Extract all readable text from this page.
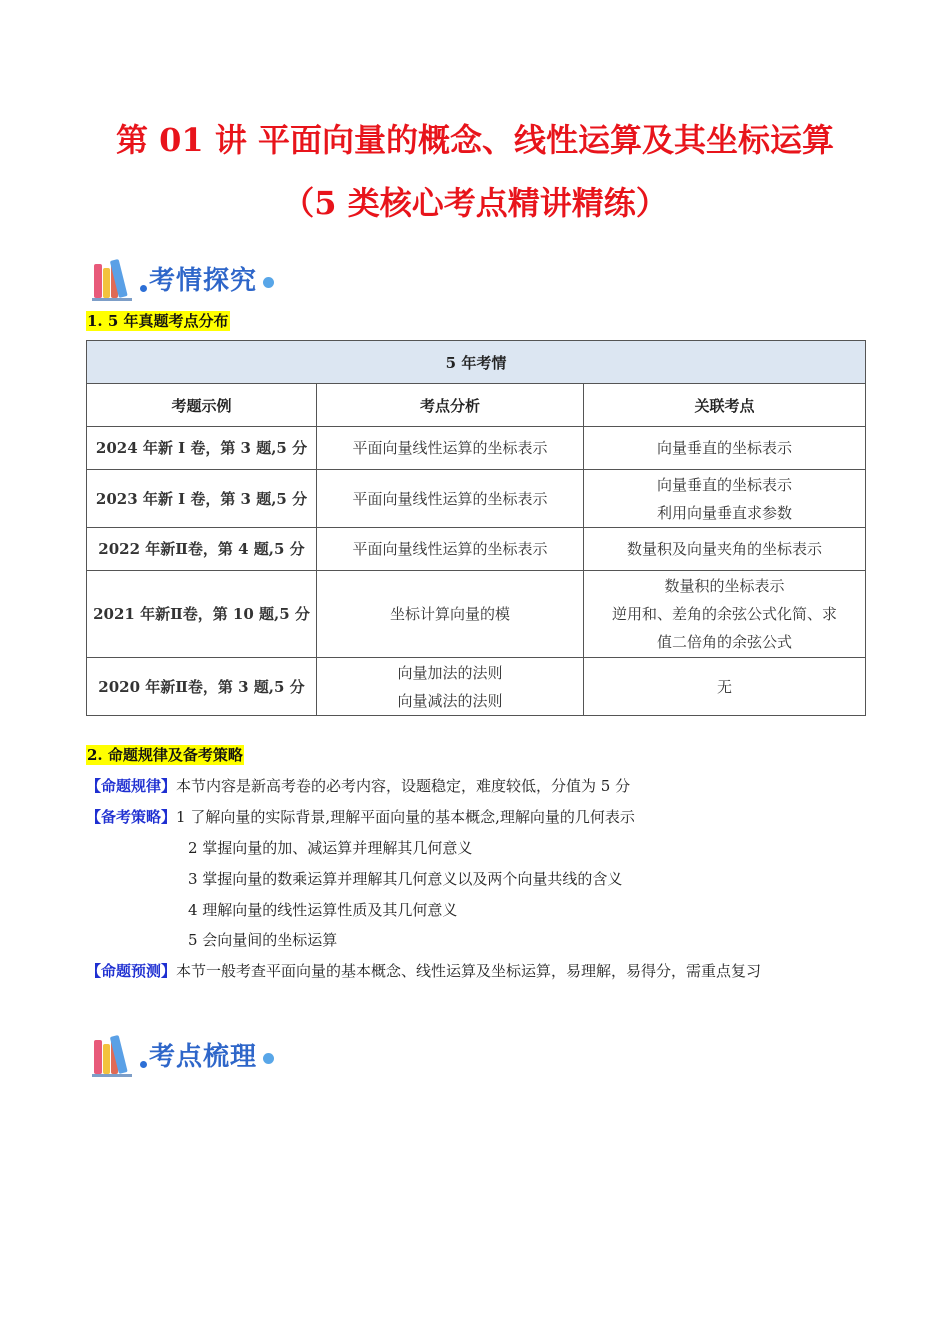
第 01 讲 平面向量的概念、线性运算及其坐标运算
（5 类核心考点精讲精练）
考情探究
1. 5 年真题考点分布
5 年考情		
考题示例	考点分析	关联考点
2024 年新 I 卷，第 3 题,5 分	平面向量线性运算的坐标表示	向量垂直的坐标表示

2023 年新 I 卷，第 3 题,5 分	平面向量线性运算的坐标表示	向量垂直的坐标表示
利用向量垂直求参数

2022 年新Ⅱ卷，第 4 题,5 分	平面向量线性运算的坐标表示	数量积及向量夹角的坐标表示

2021 年新Ⅱ卷，第 10 题,5 分	坐标计算向量的模	数量积的坐标表示
逆用和、差角的余弦公式化简、求
值二倍角的余弦公式

2020 年新Ⅱ卷，第 3 题,5 分	向量加法的法则
向量减法的法则	无
2. 命题规律及备考策略
【命题规律】本节内容是新高考卷的必考内容，设题稳定，难度较低，分值为 5 分
【备考策略】1 了解向量的实际背景,理解平面向量的基本概念,理解向量的几何表示
2 掌握向量的加、减运算并理解其几何意义
3 掌握向量的数乘运算并理解其几何意义以及两个向量共线的含义
4 理解向量的线性运算性质及其几何意义
5 会向量间的坐标运算
【命题预测】本节一般考查平面向量的基本概念、线性运算及坐标运算，易理解，易得分，需重点复习
考点梳理
